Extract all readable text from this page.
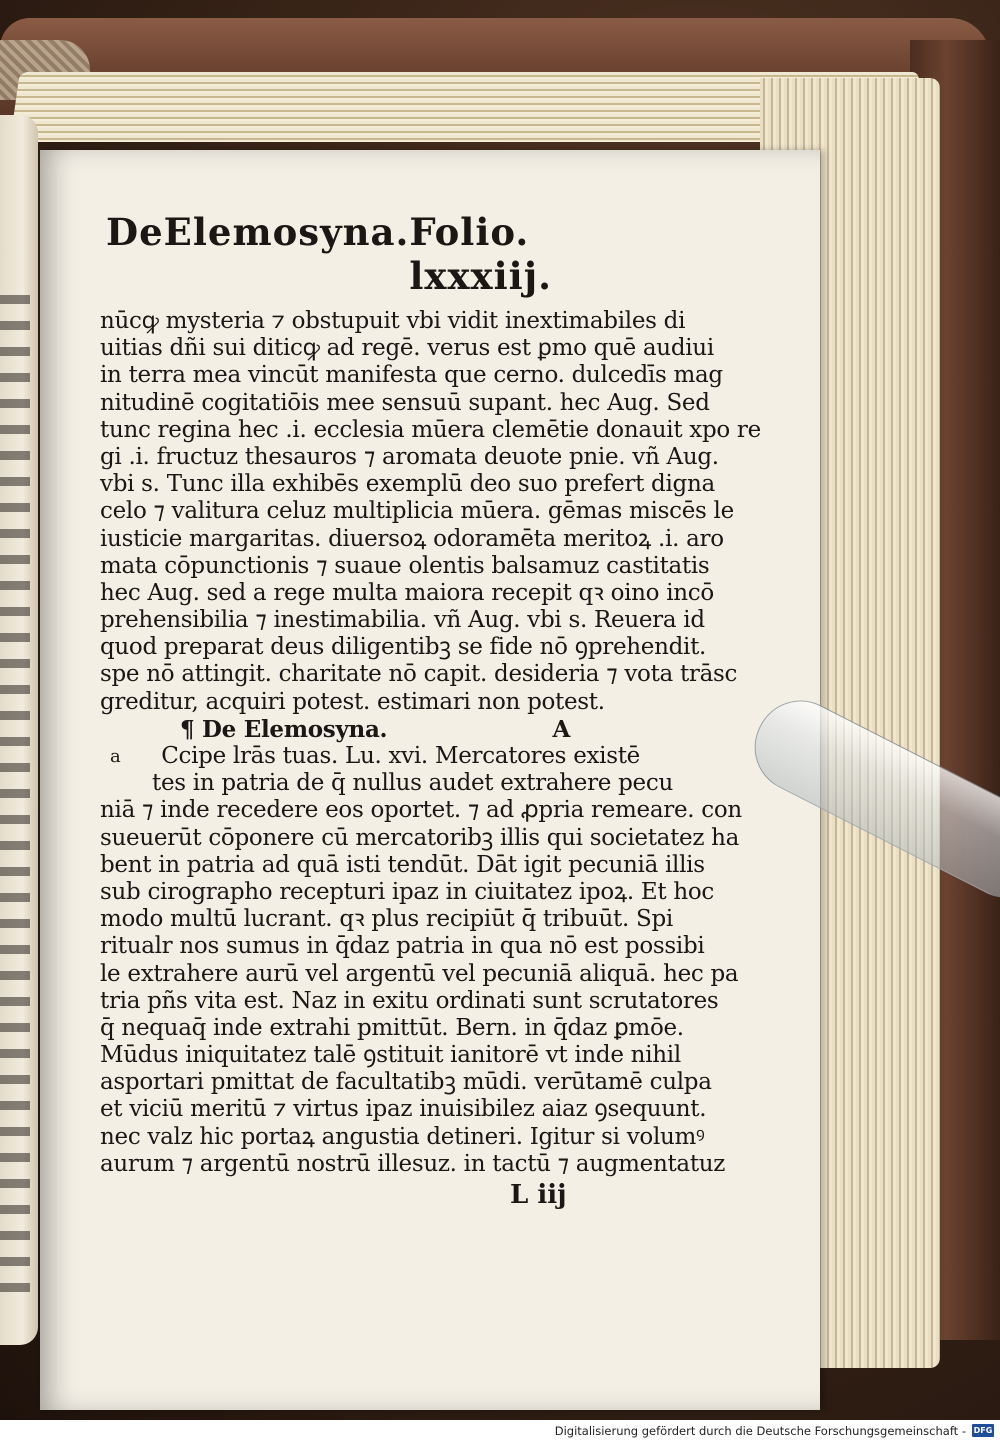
De Elemosyna. Folio. lxxxiij.
nūcꝙ mysteria ⁊ obstupuit vbi vidit inextimabiles di
uitias dñi sui diticꝙ ad regē. verus est ꝑmo quē audiui
in terra mea vincūt manifesta que cerno. dulcedīs mag
nitudinē cogitatiōis mee sensuū supant. hec Aug. Sed
tunc regina hec .i. ecclesia mūera clemētie donauit xpo re
gi .i. fructuz thesauros ⁊ aromata deuote pnie. vñ Aug.
vbi s. Tunc illa exhibēs exemplū deo suo prefert digna
celo ⁊ valitura celuz multiplicia mūera. gēmas miscēs le
iusticie margaritas. diuersoꝝ odoramēta meritoꝝ .i. aro
mata cōpunctionis ⁊ suaue olentis balsamuz castitatis
hec Aug. sed a rege multa maiora recepit qꝛ oino incō
prehensibilia ⁊ inestimabilia. vñ Aug. vbi s. Reuera id
quod preparat deus diligentibꝫ se fide nō ꝯprehendit.
spe nō attingit. charitate nō capit. desideria ⁊ vota trāsc
greditur, acquiri potest. estimari non potest.
¶ De Elemosyna.	A
a	Ccipe lrās tuas. Lu. xvi. Mercatores existē
tes in patria de q̄ nullus audet extrahere pecu
niā ⁊ inde recedere eos oportet. ⁊ ad ꝓpria remeare. con
sueuerūt cōponere cū mercatoribꝫ illis qui societatez ha
bent in patria ad quā isti tendūt. Dāt igit pecuniā illis
sub cirographo recepturi ipaz in ciuitatez ipoꝝ. Et hoc
modo multū lucrant. qꝛ plus recipiūt q̄ tribuūt. Spi
ritualr nos sumus in q̄daz patria in qua nō est possibi
le extrahere aurū vel argentū vel pecuniā aliquā. hec pa
tria pñs vita est. Naz in exitu ordinati sunt scrutatores
q̄ nequaq̄ inde extrahi pmittūt. Bern. in q̄daz ꝑmōe.
Mūdus iniquitatez talē ꝯstituit ianitorē vt inde nihil
asportari pmittat de facultatibꝫ mūdi. verūtamē culpa
et viciū meritū ⁊ virtus ipaz inuisibilez aiaz ꝯsequunt.
nec valz hic portaꝝ angustia detineri. Igitur si volumꝰ
aurum ⁊ argentū nostrū illesuz. in tactū ⁊ augmentatuz
L iij
Digitalisierung gefördert durch die Deutsche Forschungsgemeinschaft - DFG
